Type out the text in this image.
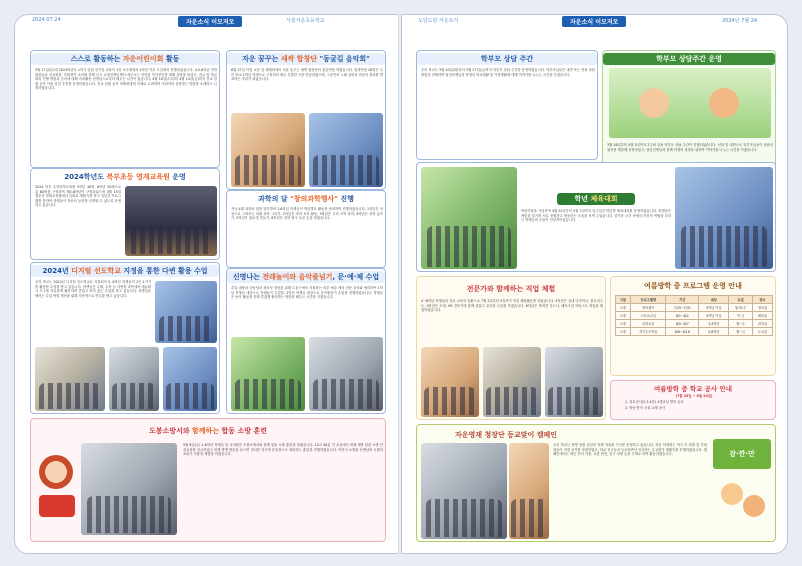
2024.07.24	자운소식 이모저모	서울자운초등학교	도담도담 자운소식	자운소식 이모저모	2024년 7월 24
스스로 활동하는 자운어린이회 활동
3월 27일(수)에 2024학년도 1학기 임원 선거실 교육이 1층 소극장에서 4학년 이후 고입에서 진행되었습니다. 4,5,6학년 각반 회장들과 선교회장, 부회장이 소리탈 통해 모두 교장선생님께서 세우시는 선임장 자가선언을 대해 강당을 돌렸고, 전교 및 학급회의 진행 방법과 순서에 대해 자치활동 선생님으로부터 배우는 시간이 었습니다. 4월 10일(수)부터 4월 14일(금)까지 전교 임원 공약 사항 실천 추진을 운영하였습니다. 전교 임원 들이 학생회에게 자체로 고려하여 사회자의 상장하는 방법을 소개하고 시청하였습니다.
2024학년도 북부초등 영재교육원 운영
2024 북부 수학과학교육원 5학년 40명, 6학년 20명으로 총 60명을 구성하여 제5,6학년이 구성되었으며 3월 15일 정부의 영재교육원에서 특화로 개원식을 하고 일년간 프로그램을 통하여 학생들이 자신의 능력을 신장할 수 있도록 운영하고 있습니다.
2024년 디지털 선도학교 지정을 통한 다변 활용 수업
우리 학교는 2024년 디지털 선도학교로 지정되어 5, 6학년 학생들이 1인 1기기를 활용한 수업을 받고 있습니다. 학생들은 주제, 수학 등 다양한 과목에서 에듀테크 도구를 자유롭게 활용하며 즐겁고 의미 있는 수업을 하고 있습니다. 선생님들께서는 수업 방법 개선을 위해 지속적으로 연수를 받고 있습니다.
자운 꿈꾸는 새싹 합창단 "동굴길 음악회"
6월 27일 아침 교문 앞 텔레비에서 처음 동주는 새싹 합창단의 첫공연을 하였습니다. 합창단원 20명은 우리 학교 1학년 학생으로 구성되어 매주 특별한 곡을 연습하였으며, 그동안의 노래 실력과 연습의 결과를 발표하는 자리가 되었습니다.
과학의 달 "창의과학행사" 진행
지난 4월 과학의 달을 맞이하여 1-6학년 학생들이 학년별로 활동을 준비하여 진행하였습니다. 1학년은 상상으로 그려보는 미래 과학 그리기, 2학년은 과학 독서 활동, 3학년은 우리 지역 과학, 4학년은 과학 글쓰기, 5학년은 물로켓 만들기, 6학년은 과학 탐구 토론 등을 하였습니다.
신명나는 전래놀이와 음악줄넘기, 문·예·체 수업
수업 내용과 다양성과 창의성 향상을 위해 도움구에서 지원하는 외부 예술 체육 전문 강사와 협력하여 1학년 학생들 대상으로 전래놀이 수업을, 2학년 학생들 대상으로 음악줄넘기 수업을 진행하였습니다. 학생들은 놀이 활동을 통해 즐겁게 협력하는 방법을 배우는 시간을 가졌습니다.
도봉소방서와 함께하는 합동 소방 훈련
5월 8일(수) 1-6학년 학생들 및 교직원은 도봉소방서와 함께 합동 소방 훈련을 하였습니다. 12시 40분 각 교실에서 화재 예방 관련 소방 안전교육을 실시하였고 화재 발생 방송을 들으면 질서를 지키며 운동장으로 대피하는 훈련을 진행하였습니다. 이어서 소방관 선생님의 시범과 소화기 사용법 체험을 하였습니다.
학부모 상담 주간
우리 학교는 3월 20일(화)부터 3월 27일(금)까지 학부모 상담 주간을 운영하였습니다. 학부모님들은 대면 또는 전화 상담 방법을 선택하여 담임선생님과 학생의 학교생활 및 가정생활에 대해 이야기를 나누는 시간을 가졌습니다.
학부모 상담주간 운영
3월 26일부터 4월 5일까지 2주에 걸쳐 학부모 상담 주간이 진행되었습니다. 선화 및 대면으로 학부모님들이 상담신청서를 제출해 신청하셨고, 담임선생님과 함께 학생의 성장을 위하여 이야기를 나누는 시간을 가졌습니다.
학년 체육대회
어린이날을 기념하여 4월 24일부터 5월 2일까지 일주일간 학년별 체육대회를 운영하였습니다. 학생들은 게임을 즐기며 서로 응원하고 협동하는 모습을 보여 주었습니다. 즐거운 시간 속에서 자신의 역할을 다하는 학생들의 모습이 인상적이었습니다.
전문가와 함께하는 직업 체험
4~6학년 학생들의 진로 교육의 일환으로 7월 3일부터 5일까지 직업 체험활동을 하였습니다. 4학년은 실내 디자이너, 플로리스트, 5학년은 도예, VR 전문가에 함께 즐겁고 유익한 시간을 가졌습니다. 6학년은 반려견 지도사, 메이크업 아티스트 직업을 체험하였습니다.
여름방학 중 프로그램 운영 안내
구분	프로그램명	기간	대상	요일	장소
오후	영어캠프	7/29~7/31	3학년 이상	월·화·수	영어실
오후	스포츠교실	8/1~8/2	4학년 이상	목·금	체육관
오후	과학교실	8/5~8/7	3,4학년	월~수	과학실
오후	자기주도학습	8/6~8/16	5,6학년	월~금	도서실
여름방학 중 학교 공사 안내
(7월 25일 ~ 8월 20일)
1. 창호공사(2,3,4층) 4개교실 방학 공사
2. 방송·통신 시설 교체 공사
자운영재 청장단 등교맞이 캠페인
우리 학교는 학생 임원 중심의 학생 자치회 기구를 운영하고 있습니다. 자운 학생회는 학기 초 회장 및 부회장들이 직접 공약을 마련하였고, 학교 친구들과 등교하면서 인사하는 등교맞이 캠페인을 진행하였습니다. 캠페인에서는 바른 언어 사용, 교통 안전, 친구 사랑 등을 주제로 하여 활동하였습니다.	잠·깐·만
